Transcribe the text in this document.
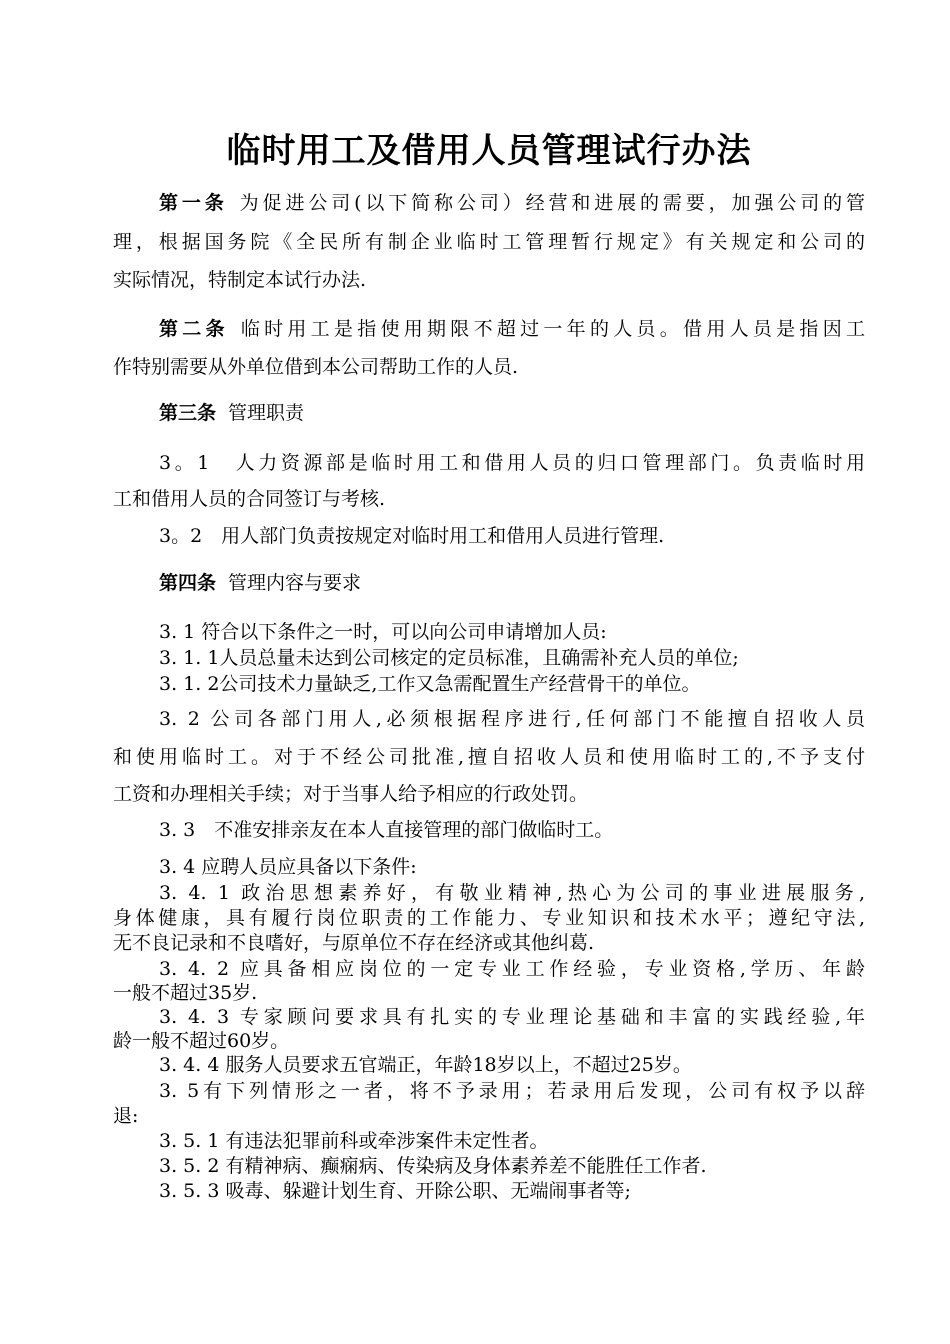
临时用工及借用人员管理试行办法
第一条 为促进公司(以下简称公司）经营和进展的需要，加强公司的管
理，根据国务院《全民所有制企业临时工管理暂行规定》有关规定和公司的
实际情况，特制定本试行办法.
第二条 临时用工是指使用期限不超过一年的人员。借用人员是指因工
作特别需要从外单位借到本公司帮助工作的人员.
第三条 管理职责
3。1　人力资源部是临时用工和借用人员的归口管理部门。负责临时用
工和借用人员的合同签订与考核.
3。2　用人部门负责按规定对临时用工和借用人员进行管理.
第四条 管理内容与要求
3. 1 符合以下条件之一时，可以向公司申请增加人员:
3. 1. 1人员总量未达到公司核定的定员标准，且确需补充人员的单位;
3. 1. 2公司技术力量缺乏,工作又急需配置生产经营骨干的单位。
3. 2 公司各部门用人,必须根据程序进行,任何部门不能擅自招收人员
和使用临时工。对于不经公司批准,擅自招收人员和使用临时工的,不予支付
工资和办理相关手续；对于当事人给予相应的行政处罚。
3. 3　不准安排亲友在本人直接管理的部门做临时工。
3. 4 应聘人员应具备以下条件:
3. 4. 1 政治思想素养好，有敬业精神,热心为公司的事业进展服务,
身体健康，具有履行岗位职责的工作能力、专业知识和技术水平；遵纪守法,
无不良记录和不良嗜好，与原单位不存在经济或其他纠葛.
3. 4. 2 应具备相应岗位的一定专业工作经验，专业资格,学历、年龄
一般不超过35岁.
3. 4. 3 专家顾问要求具有扎实的专业理论基础和丰富的实践经验,年
龄一般不超过60岁。
3. 4. 4 服务人员要求五官端正，年龄18岁以上，不超过25岁。
3. 5有下列情形之一者，将不予录用；若录用后发现，公司有权予以辞
退:
3. 5. 1 有违法犯罪前科或牵涉案件未定性者。
3. 5. 2 有精神病、癫痫病、传染病及身体素养差不能胜任工作者.
3. 5. 3 吸毒、躲避计划生育、开除公职、无端闹事者等;
